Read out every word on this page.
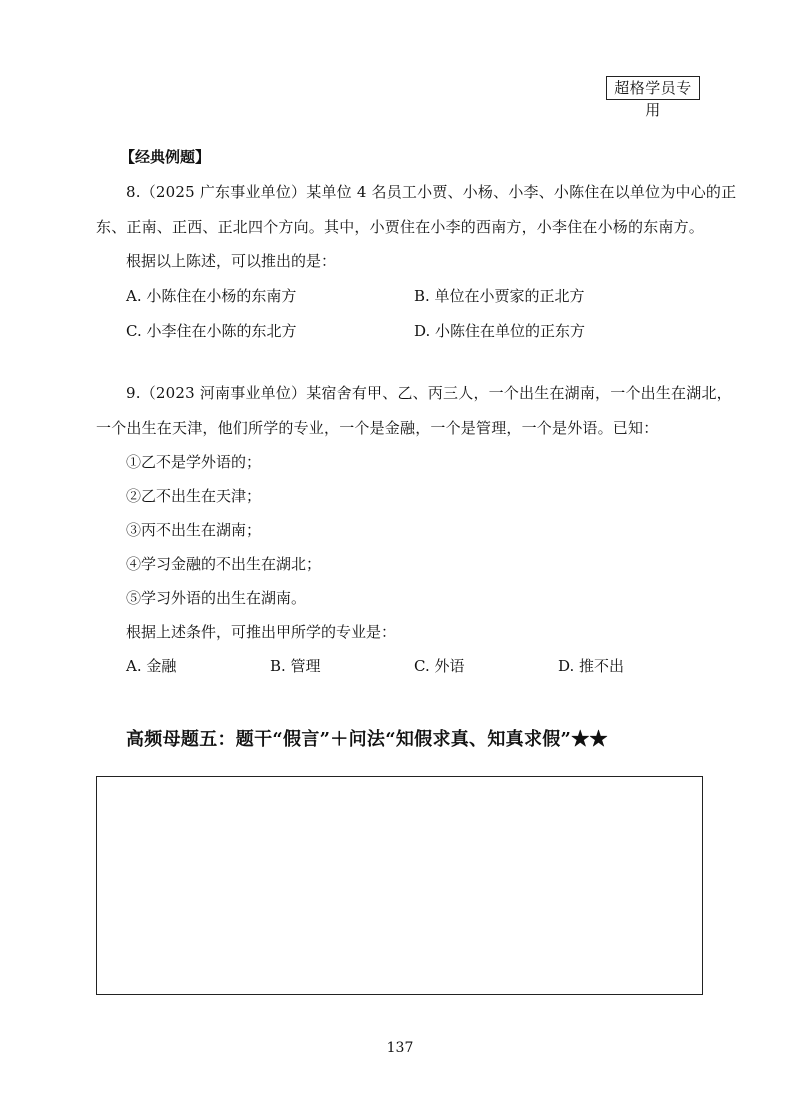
超格学员专用
【经典例题】
8.（2025 广东事业单位）某单位 4 名员工小贾、小杨、小李、小陈住在以单位为中心的正
东、正南、正西、正北四个方向。其中，小贾住在小李的西南方，小李住在小杨的东南方。
根据以上陈述，可以推出的是：
A. 小陈住在小杨的东南方	B. 单位在小贾家的正北方
C. 小李住在小陈的东北方	D. 小陈住在单位的正东方
9.（2023 河南事业单位）某宿舍有甲、乙、丙三人，一个出生在湖南，一个出生在湖北，
一个出生在天津，他们所学的专业，一个是金融，一个是管理，一个是外语。已知：
①乙不是学外语的；
②乙不出生在天津；
③丙不出生在湖南；
④学习金融的不出生在湖北；
⑤学习外语的出生在湖南。
根据上述条件，可推出甲所学的专业是：
A. 金融	B. 管理	C. 外语	D. 推不出
高频母题五：题干“假言”＋问法“知假求真、知真求假”★★
137
